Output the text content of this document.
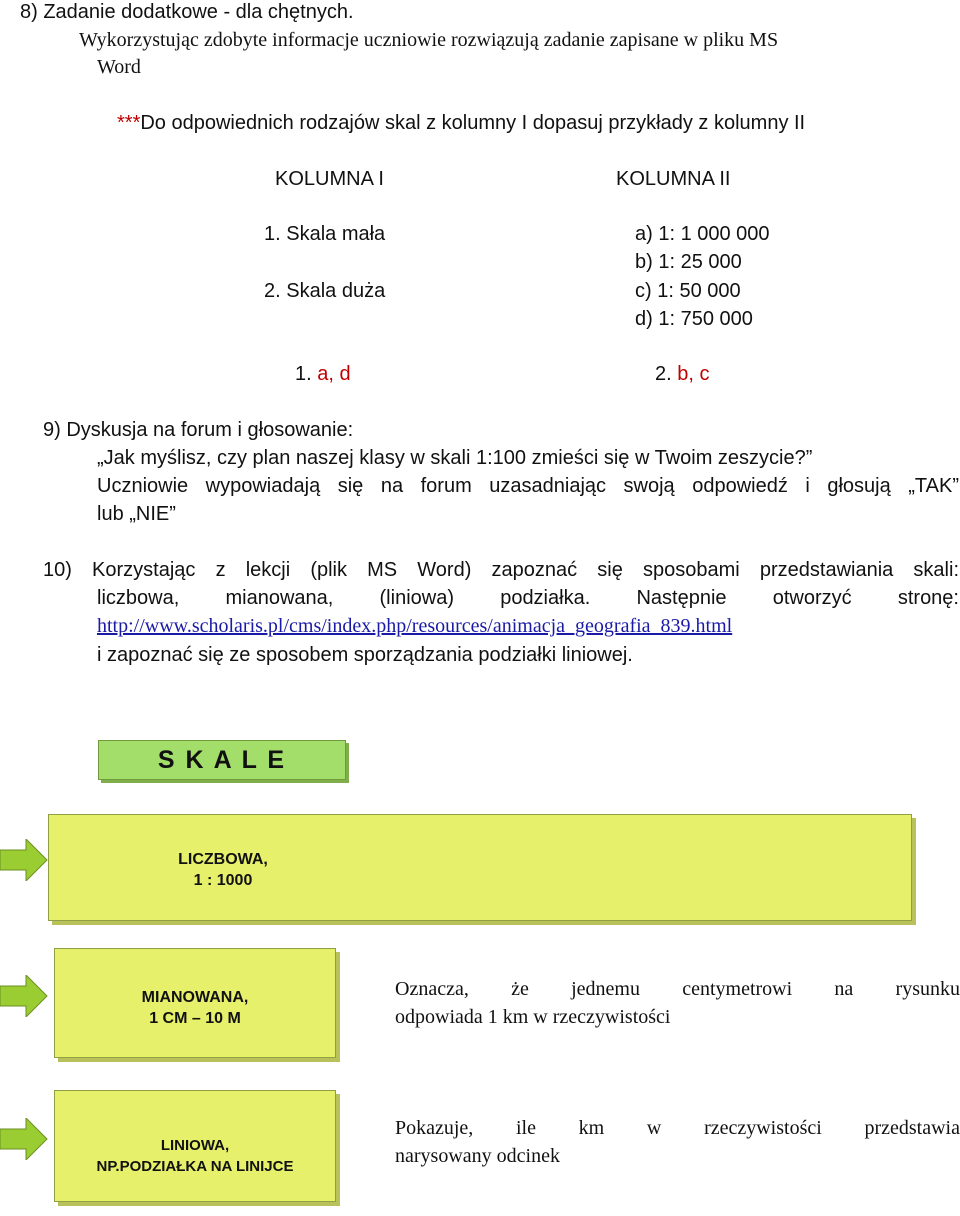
8) Zadanie dodatkowe - dla chętnych.
Wykorzystując zdobyte informacje uczniowie rozwiązują zadanie zapisane w pliku MS
Word
***Do odpowiednich rodzajów skal z kolumny I dopasuj przykłady z kolumny II
KOLUMNA I	KOLUMNA II
1. Skala mała
2. Skala duża
a) 1: 1 000 000
b) 1: 25 000
c) 1: 50 000
d) 1: 750 000
1. a, d	2. b, c
9) Dyskusja na forum i głosowanie:
„Jak myślisz, czy plan naszej klasy w skali 1:100 zmieści się w Twoim zeszycie?”
Uczniowie wypowiadają się na forum uzasadniając swoją odpowiedź i głosują „TAK”
lub „NIE”
10) Korzystając z lekcji (plik MS Word) zapoznać się sposobami przedstawiania skali:
liczbowa, mianowana, (liniowa) podziałka. Następnie otworzyć stronę:
http://www.scholaris.pl/cms/index.php/resources/animacja_geografia_839.html
i zapoznać się ze sposobem sporządzania podziałki liniowej.
S K A L E
LICZBOWA,
1 : 1000
MIANOWANA,
1 CM – 10 M
Oznacza, że jednemu centymetrowi na rysunku
odpowiada 1 km w rzeczywistości
LINIOWA,
NP.PODZIAŁKA NA LINIJCE
Pokazuje, ile km w rzeczywistości przedstawia
narysowany odcinek
